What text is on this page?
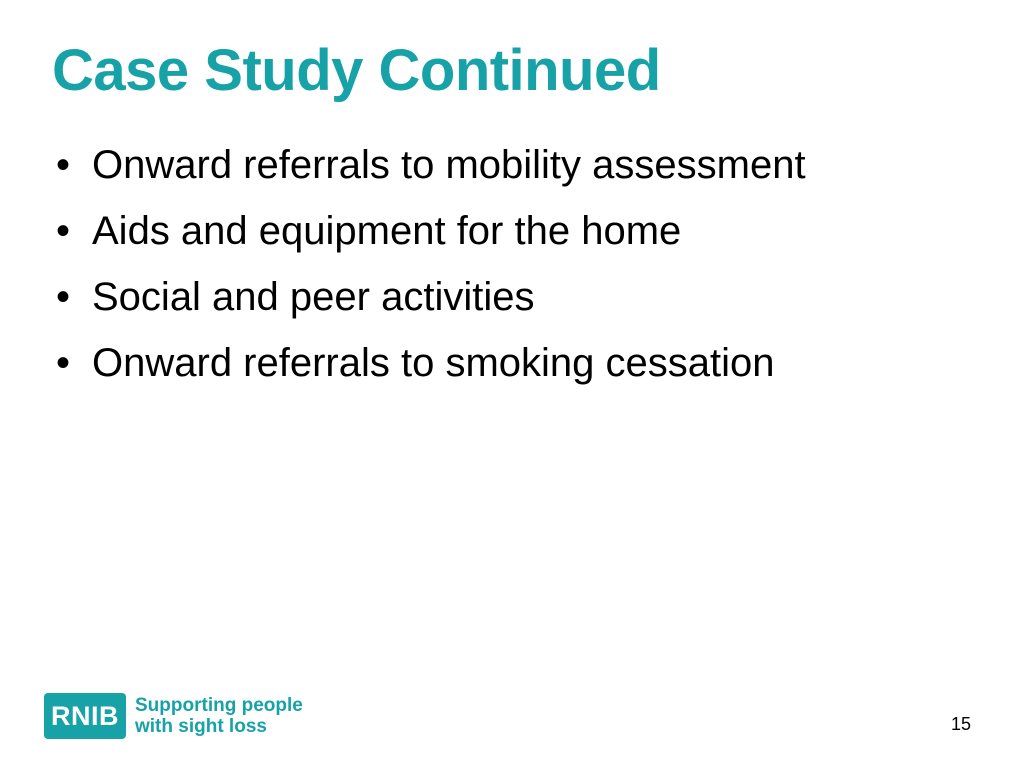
Case Study Continued
• Onward referrals to mobility assessment
• Aids and equipment for the home
• Social and peer activities
• Onward referrals to smoking cessation
RNIB Supporting people
with sight loss	15
